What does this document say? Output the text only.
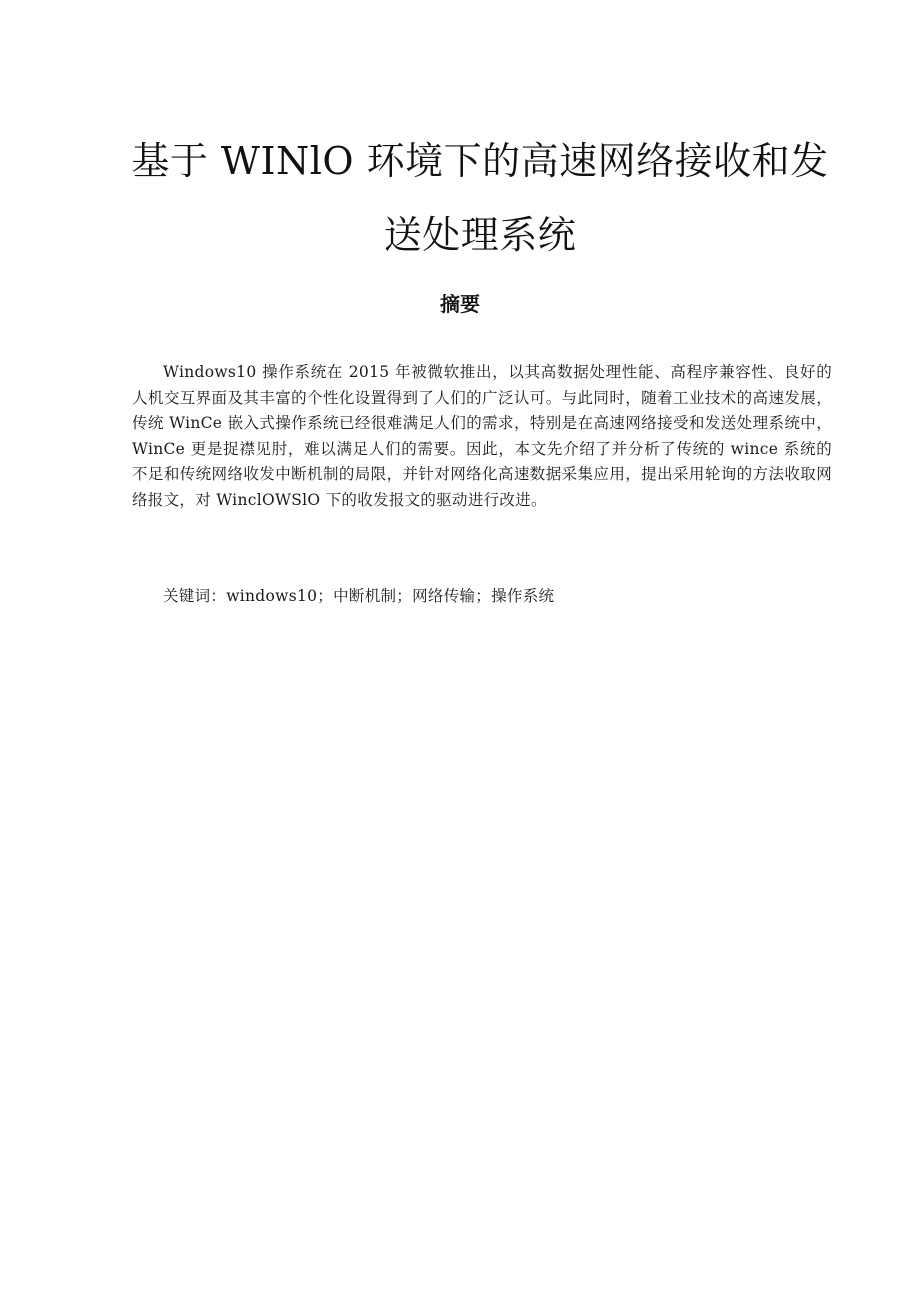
基于 WINlO 环境下的高速网络接收和发
送处理系统
摘要

Windows10 操作系统在 2015 年被微软推出，以其高数据处理性能、高程序兼容性、良好的人机交互界面及其丰富的个性化设置得到了人们的广泛认可。与此同时，随着工业技术的高速发展，传统 WinCe 嵌入式操作系统已经很难满足人们的需求，特别是在高速网络接受和发送处理系统中，WinCe 更是捉襟见肘，难以满足人们的需要。因此，本文先介绍了并分析了传统的 wince 系统的不足和传统网络收发中断机制的局限，并针对网络化高速数据采集应用，提出采用轮询的方法收取网络报文，对 WinclOWSlO 下的收发报文的驱动进行改进。

关键词：windows10；中断机制；网络传输；操作系统
